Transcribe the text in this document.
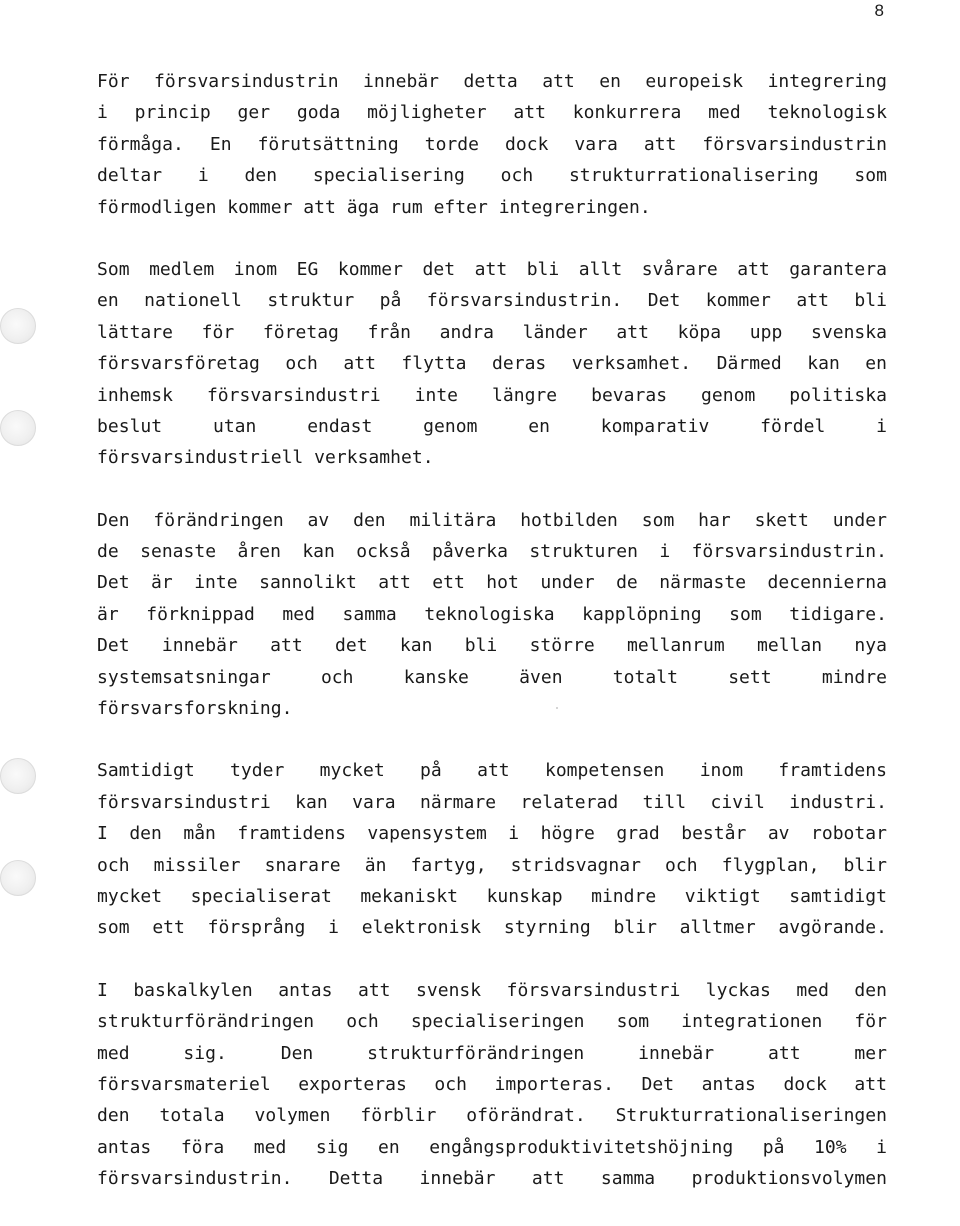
8
För försvarsindustrin innebär detta att en europeisk integrering
i princip ger goda möjligheter att konkurrera med teknologisk
förmåga. En förutsättning torde dock vara att försvarsindustrin
deltar i den specialisering och strukturrationalisering som
förmodligen kommer att äga rum efter integreringen.
Som medlem inom EG kommer det att bli allt svårare att garantera
en nationell struktur på försvarsindustrin. Det kommer att bli
lättare för företag från andra länder att köpa upp svenska
försvarsföretag och att flytta deras verksamhet. Därmed kan en
inhemsk försvarsindustri inte längre bevaras genom politiska
beslut utan endast genom en komparativ fördel i
försvarsindustriell verksamhet.
Den förändringen av den militära hotbilden som har skett under
de senaste åren kan också påverka strukturen i försvarsindustrin.
Det är inte sannolikt att ett hot under de närmaste decennierna
är förknippad med samma teknologiska kapplöpning som tidigare.
Det innebär att det kan bli större mellanrum mellan nya
systemsatsningar och kanske även totalt sett mindre
försvarsforskning.
Samtidigt tyder mycket på att kompetensen inom framtidens
försvarsindustri kan vara närmare relaterad till civil industri.
I den mån framtidens vapensystem i högre grad består av robotar
och missiler snarare än fartyg, stridsvagnar och flygplan, blir
mycket specialiserat mekaniskt kunskap mindre viktigt samtidigt
som ett försprång i elektronisk styrning blir alltmer avgörande.
I baskalkylen antas att svensk försvarsindustri lyckas med den
strukturförändringen och specialiseringen som integrationen för
med sig. Den strukturförändringen innebär att mer
försvarsmateriel exporteras och importeras. Det antas dock att
den totala volymen förblir oförändrat. Strukturrationaliseringen
antas föra med sig en engångsproduktivitetshöjning på 10% i
försvarsindustrin. Detta innebär att samma produktionsvolymen
